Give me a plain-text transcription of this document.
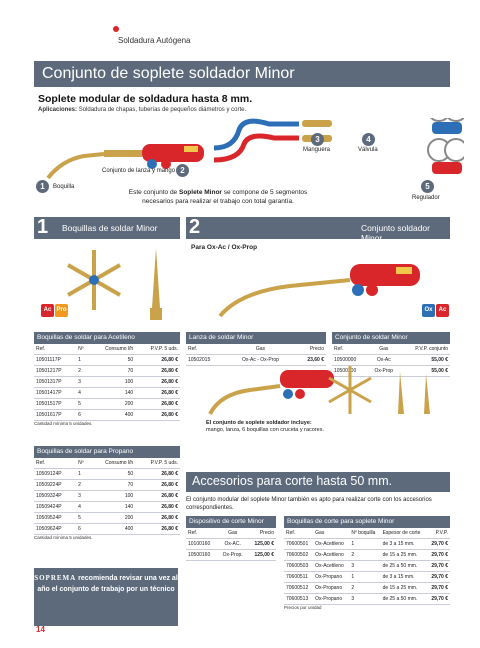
Soldadura Autógena
Conjunto de soplete soldador Minor
Soplete modular de soldadura hasta 8 mm.
Aplicaciones: Soldadura de chapas, tuberías de pequeños diámetros y corte.
1	Boquilla
2
Conjunto de lanza y mango
3
Manguera
4
Válvula
5
Regulador
Este conjunto de Soplete Minor se compone de 5 segmentos necesarios para realizar el trabajo con total garantía.
1 Boquillas de soldar Minor
Ac Pro
2	Conjunto soldador Minor
Para Ox-Ac / Ox-Prop
Ox	Ac
Boquillas de soldar para Acetileno
Ref.	Nº	Consumo l/h	P.V.P. 5 uds.
10501117P	1	50	26,80 €
10501217P	2	70	26,80 €
10501317P	3	100	26,80 €
10501417P	4	140	26,80 €
10501517P	5	200	26,80 €
10501617P	6	400	26,80 €
Cantidad mínima 5 unidades.
Boquillas de soldar para Propano
Ref.	Nº	Consumo l/h	P.V.P. 5 uds.
10509124P	1	50	26,80 €
10509224P	2	70	26,80 €
10509324P	3	100	26,80 €
10509424P	4	140	26,80 €
10509524P	5	200	26,80 €
10509624P	6	400	26,80 €
Cantidad mínima 5 unidades.
Lanza de soldar Minor
Ref.	Gas	Precio
10502015	Ox-Ac - Ox-Prop	23,60 €
Conjunto de soldar Minor
Ref.	Gas	P.V.P. conjunto
10500000	Ox-Ac	55,00 €
10500200	Ox-Prop	55,00 €
El conjunto de soplete soldador incluye:
mango, lanza, 6 boquillas con cruceta y racores.
Accesorios para corte hasta 50 mm.
El conjunto modular del soplete Minor también es apto para realizar corte con los accesorios correspondientes.
Dispositivo de corte Minor
Ref.	Gas	Precio
10100160	Ox-AC.	125,00 €
10500160	Ox-Prop.	125,00 €
Boquillas de corte para soplete Minor
Ref.	Gas	Nº boquilla	Espesor de corte	P.V.P.
70600501	Ox-Acetileno	1	de 3 a 15 mm.	29,70 €
70600502	Ox-Acetileno	2	de 15 a 25 mm.	29,70 €
70600503	Ox-Acetileno	3	de 25 a 50 mm.	29,70 €
70600511	Ox-Propano	1	de 3 a 15 mm.	29,70 €
70600512	Ox-Propano	2	de 15 a 25 mm.	29,70 €
70600513	Ox-Propano	3	de 25 a 50 mm.	29,70 €
Precios por unidad
SOPREMA recomienda revisar una vez al año el conjunto de trabajo por un técnico
14
